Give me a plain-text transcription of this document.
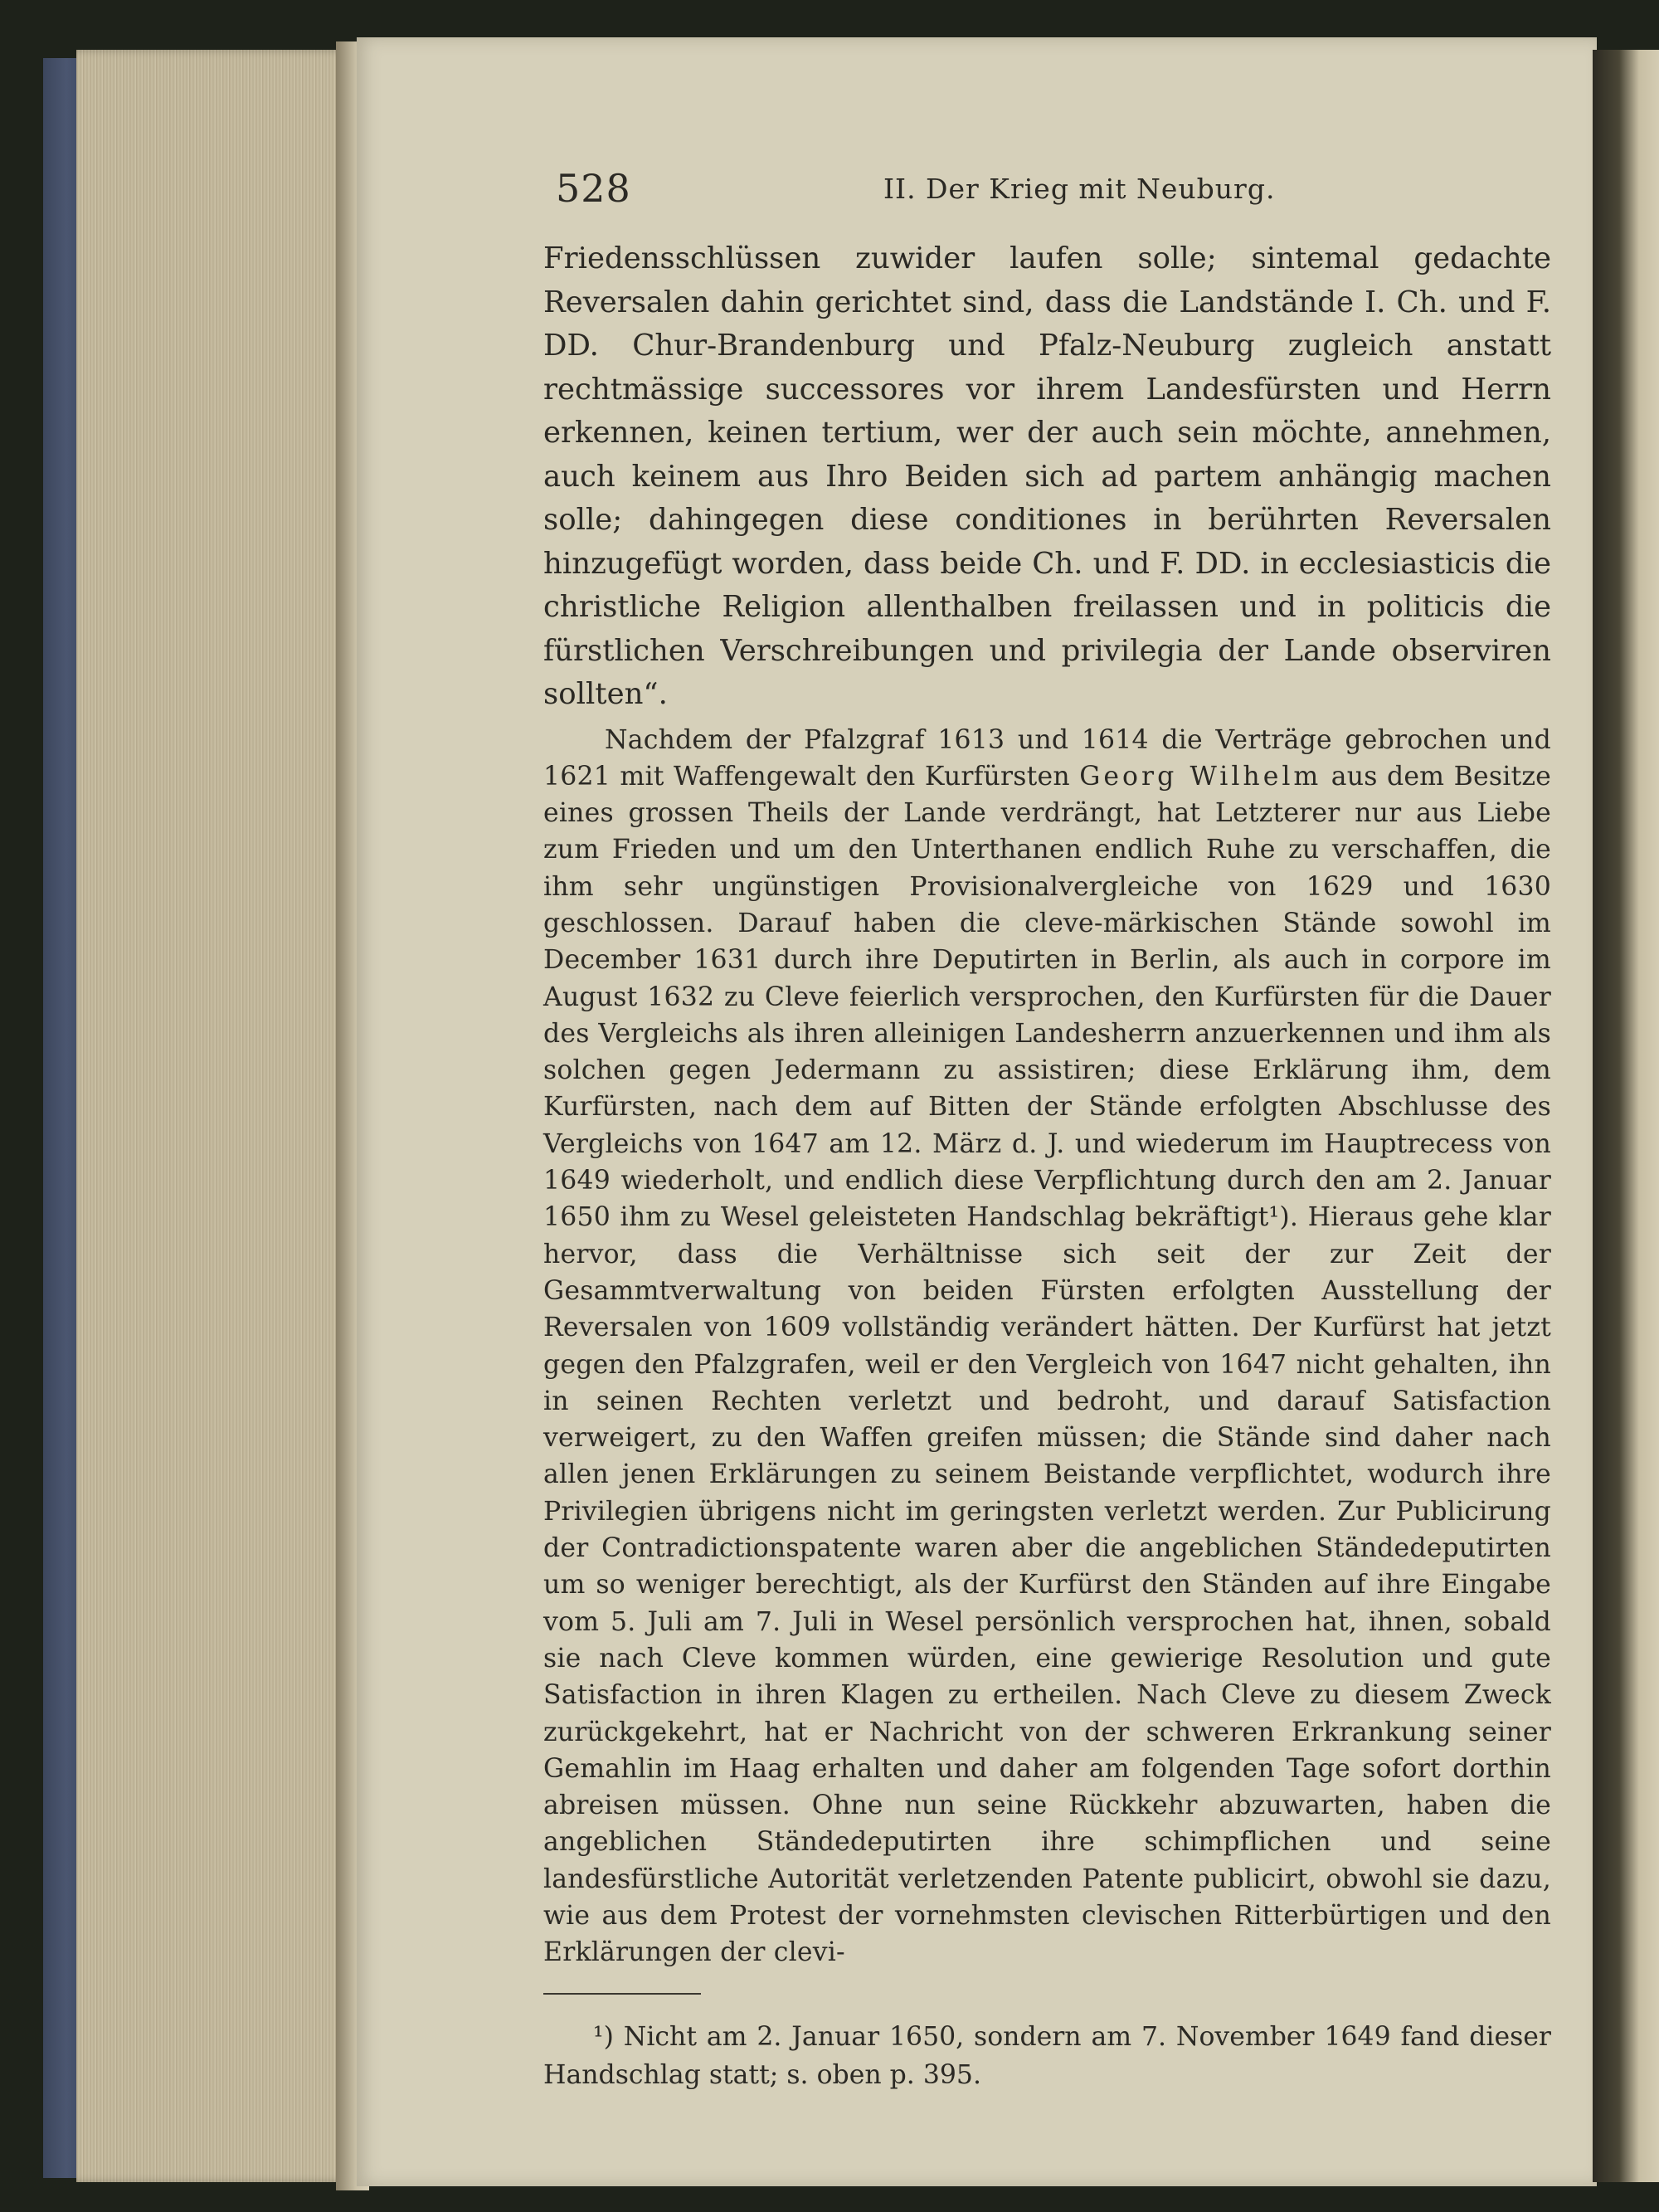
528	II. Der Krieg mit Neuburg.

Friedensschlüssen zuwider laufen solle; sintemal gedachte Reversalen dahin gerichtet sind, dass die Landstände I. Ch. und F. DD. Chur-Brandenburg und Pfalz-Neuburg zugleich anstatt rechtmässige successores vor ihrem Landesfürsten und Herrn erkennen, keinen tertium, wer der auch sein möchte, annehmen, auch keinem aus Ihro Beiden sich ad partem anhängig machen solle; dahingegen diese conditiones in berührten Reversalen hinzugefügt worden, dass beide Ch. und F. DD. in ecclesiasticis die christliche Religion allenthalben freilassen und in politicis die fürstlichen Verschreibungen und privilegia der Lande observiren sollten“.

Nachdem der Pfalzgraf 1613 und 1614 die Verträge gebrochen und 1621 mit Waffengewalt den Kurfürsten Georg Wilhelm aus dem Besitze eines grossen Theils der Lande verdrängt, hat Letzterer nur aus Liebe zum Frieden und um den Unterthanen endlich Ruhe zu verschaffen, die ihm sehr ungünstigen Provisionalvergleiche von 1629 und 1630 geschlossen. Darauf haben die cleve-märkischen Stände sowohl im December 1631 durch ihre Deputirten in Berlin, als auch in corpore im August 1632 zu Cleve feierlich versprochen, den Kurfürsten für die Dauer des Vergleichs als ihren alleinigen Landesherrn anzuerkennen und ihm als solchen gegen Jedermann zu assistiren; diese Erklärung ihm, dem Kurfürsten, nach dem auf Bitten der Stände erfolgten Abschlusse des Vergleichs von 1647 am 12. März d. J. und wiederum im Hauptrecess von 1649 wiederholt, und endlich diese Verpflichtung durch den am 2. Januar 1650 ihm zu Wesel geleisteten Handschlag bekräftigt¹). Hieraus gehe klar hervor, dass die Verhältnisse sich seit der zur Zeit der Gesammtverwaltung von beiden Fürsten erfolgten Ausstellung der Reversalen von 1609 vollständig verändert hätten. Der Kurfürst hat jetzt gegen den Pfalzgrafen, weil er den Vergleich von 1647 nicht gehalten, ihn in seinen Rechten verletzt und bedroht, und darauf Satisfaction verweigert, zu den Waffen greifen müssen; die Stände sind daher nach allen jenen Erklärungen zu seinem Beistande verpflichtet, wodurch ihre Privilegien übrigens nicht im geringsten verletzt werden. Zur Publicirung der Contradictionspatente waren aber die angeblichen Ständedeputirten um so weniger berechtigt, als der Kurfürst den Ständen auf ihre Eingabe vom 5. Juli am 7. Juli in Wesel persönlich versprochen hat, ihnen, sobald sie nach Cleve kommen würden, eine gewierige Resolution und gute Satisfaction in ihren Klagen zu ertheilen. Nach Cleve zu diesem Zweck zurückgekehrt, hat er Nachricht von der schweren Erkrankung seiner Gemahlin im Haag erhalten und daher am folgenden Tage sofort dorthin abreisen müssen. Ohne nun seine Rückkehr abzuwarten, haben die angeblichen Ständedeputirten ihre schimpflichen und seine landesfürstliche Autorität verletzenden Patente publicirt, obwohl sie dazu, wie aus dem Protest der vornehmsten clevischen Ritterbürtigen und den Erklärungen der clevi-

¹) Nicht am 2. Januar 1650, sondern am 7. November 1649 fand dieser Handschlag statt; s. oben p. 395.
